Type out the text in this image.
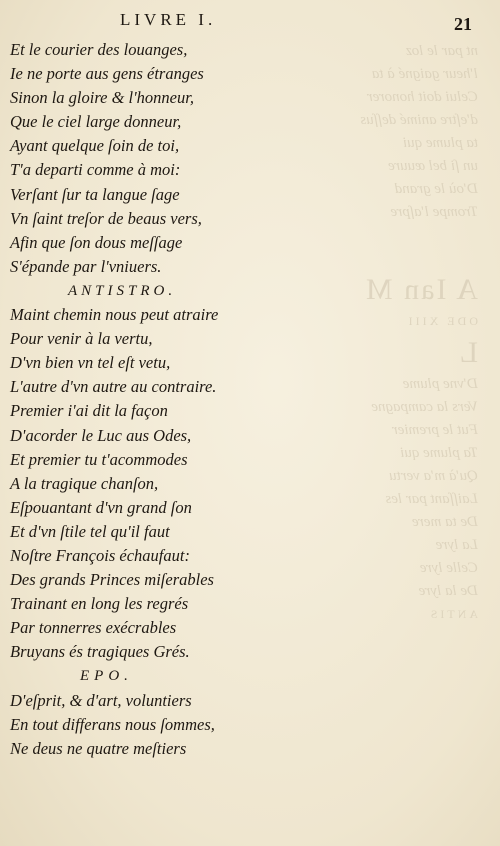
nt par le loz
l'heur gaigné à ta
Celui doit honorer
d'eſtre animé deſſus
ta plume qui
un ſi bel œuure
D'où le grand
Trompe l'aſpre

A Ian M
ODE XIII
L
D'vne plume
Vers la campagne
Fut le premier
Ta plume qui
Qu'à m'a vertu
Laiſſant par les
De ta mere
La lyre
Celle lyre
De la lyre
ANTIS
LIVRE I.	21
Et le courier des louanges,
Ie ne porte aus gens étranges
Sinon la gloire & l'honneur,
Que le ciel large donneur,
Ayant quelque ſoin de toi,
T'a departi comme à moi:
Verſant ſur ta langue ſage
Vn ſaint treſor de beaus vers,
Afin que ſon dous meſſage
S'épande par l'vniuers.
ANTISTRO.
Maint chemin nous peut atraire
Pour venir à la vertu,
D'vn bien vn tel eſt vetu,
L'autre d'vn autre au contraire.
Premier i'ai dit la façon
D'acorder le Luc aus Odes,
Et premier tu t'acommodes
A la tragique chanſon,
Eſpouantant d'vn grand ſon
Et d'vn ſtile tel qu'il faut
Noſtre François échaufaut:
Des grands Princes miſerables
Trainant en long les regrés
Par tonnerres exécrables
Bruyans és tragiques Grés.
EPO.
D'eſprit, & d'art, voluntiers
En tout differans nous ſommes,
Ne deus ne quatre meſtiers
